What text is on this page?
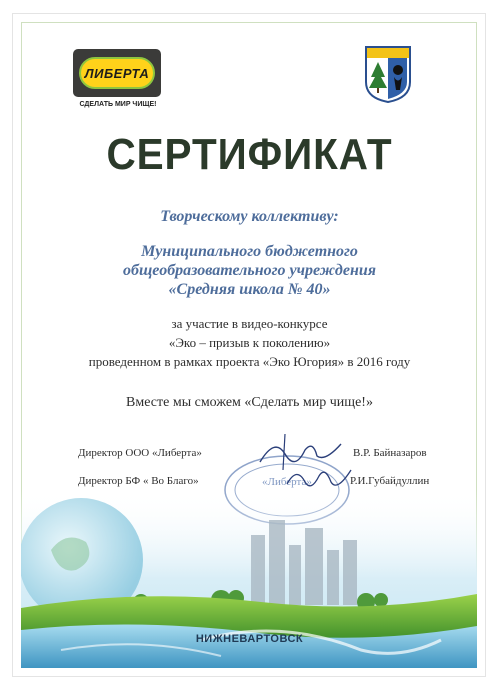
ЛИБЕРТА
СДЕЛАТЬ МИР ЧИЩЕ!
СЕРТИФИКАТ
Творческому коллективу:
Муниципального бюджетного
общеобразовательного учреждения
«Средняя школа № 40»
за участие в видео-конкурсе
«Эко – призыв к поколению»
проведенном в рамках проекта «Эко Югория» в 2016 году
Вместе мы сможем «Сделать мир чище!»
«Либерта»
Директор ООО «Либерта»	В.Р. Байназаров
Директор БФ « Во Благо»	Р.И.Губайдуллин
НИЖНЕВАРТОВСК
